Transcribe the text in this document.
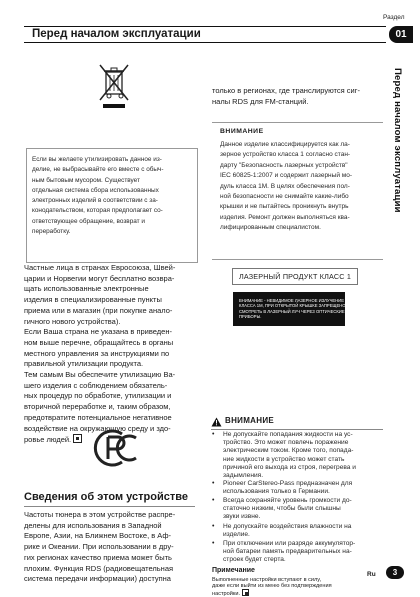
Раздел
Перед началом эксплуатации	01
Перед началом эксплуатации
Если вы желаете утилизировать данное из-
делие, не выбрасывайте его вместе с обыч-
ным бытовым мусором. Существует
отдельная система сбора использованных
электронных изделий в соответствии с за-
конодательством, которая предполагает со-
ответствующее обращение, возврат и
переработку.
Частные лица в странах Евросоюза, Швей-
царии и Норвегии могут бесплатно возвра-
щать использованные электронные
изделия в специализированные пункты
приема или в магазин (при покупке анало-
гичного нового устройства).
Если Ваша страна не указана в приведен-
ном выше перечне, обращайтесь в органы
местного управления за инструкциями по
правильной утилизации продукта.
Тем самым Вы обеспечите утилизацию Ва-
шего изделия с соблюдением обязатель-
ных процедур по обработке, утилизации и
вторичной переработке и, таким образом,
предотвратите потенциальное негативное
воздействие на окружающую среду и здо-
ровье людей.
Сведения об этом устройстве
Частоты тюнера в этом устройстве распре-
делены для использования в Западной
Европе, Азии, на Ближнем Востоке, в Аф-
рике и Океании. При использовании в дру-
гих регионах качество приема может быть
плохим. Функция RDS (радиовещательная
система передачи информации) доступна
только в регионах, где транслируются сиг-
налы RDS для FM-станций.
ВНИМАНИЕ
Данное изделие классифицируется как ла-
зерное устройство класса 1 согласно стан-
дарту "Безопасность лазерных устройств"
IEC 60825-1:2007 и содержит лазерный мо-
дуль класса 1M. В целях обеспечения пол-
ной безопасности не снимайте какие-либо
крышки и не пытайтесь проникнуть внутрь
изделия. Ремонт должен выполняться ква-
лифицированным специалистом.
ЛАЗЕРНЫЙ ПРОДУКТ КЛАСС 1
ВНИМАНИЕ - НЕВИДИМОЕ ЛАЗЕРНОЕ ИЗЛУЧЕНИЕ
КЛАССА 1M, ПРИ ОТКРЫТОЙ КРЫШКЕ ЗАПРЕЩЕНО
СМОТРЕТЬ В ЛАЗЕРНЫЙ ЛУЧ ЧЕРЕЗ ОПТИЧЕСКИЕ
ПРИБОРЫ.
ВНИМАНИЕ
• Не допускайте попадания жидкости на ус-
тройство. Это может повлечь поражение
электрическим током. Кроме того, попада-
ние жидкости в устройство может стать
причиной его выхода из строя, перегрева и
задымления.
• Pioneer CarStereo-Pass предназначен для
использования только в Германии.
• Всегда сохраняйте уровень громкости до-
статочно низким, чтобы были слышны
звуки извне.
• Не допускайте воздействия влажности на
изделие.
Ru	3
• При отключении или разряде аккумулятор-
ной батареи память предварительных на-
строек будет стерта.
Примечание
Выполненные настройки вступают в силу,
даже если выйти из меню без подтверждения
настройки.
